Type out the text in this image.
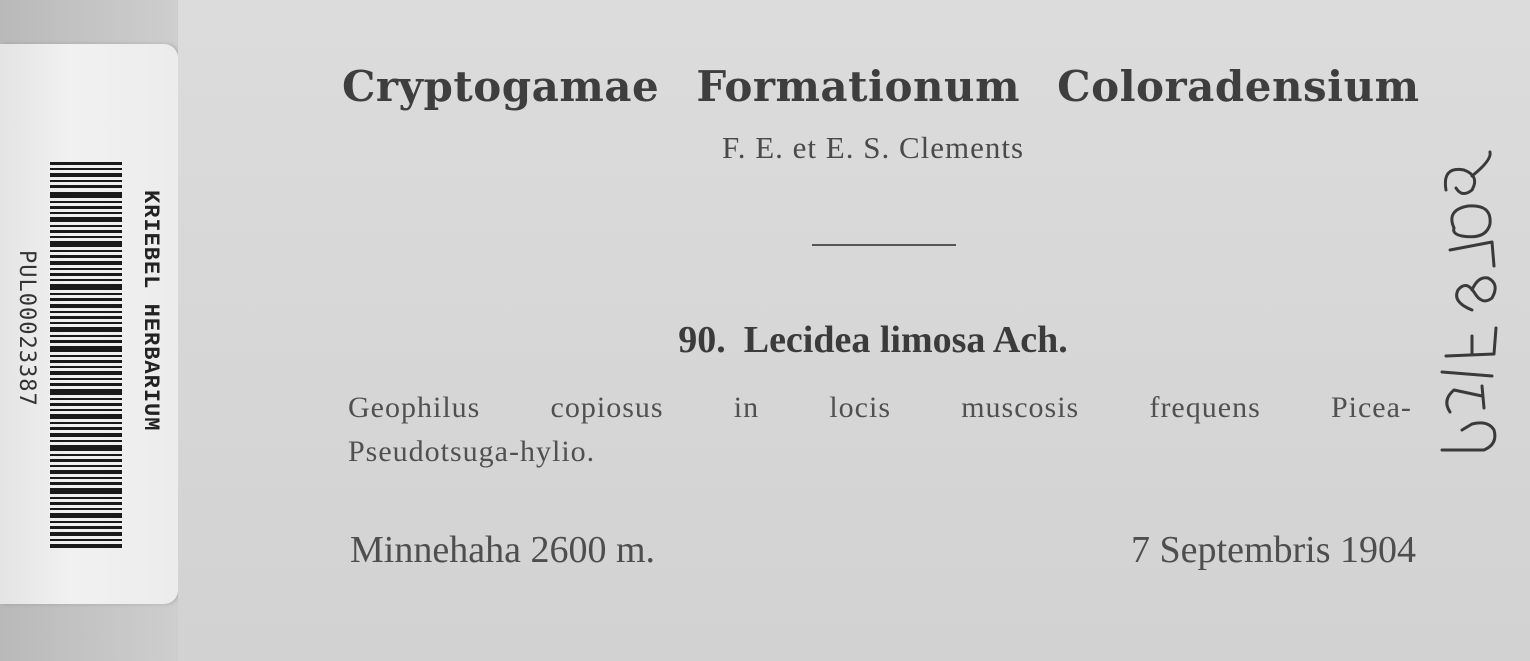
KRIEBEL HERBARIUM
PUL00023387
Cryptogamae Formationum Coloradensium
F. E. et E. S. Clements
90. Lecidea limosa Ach.
Geophilus copiosus in locis muscosis frequens Picea-
Pseudotsuga-hylio.
Minnehaha 2600 m.	7 Septembris 1904
